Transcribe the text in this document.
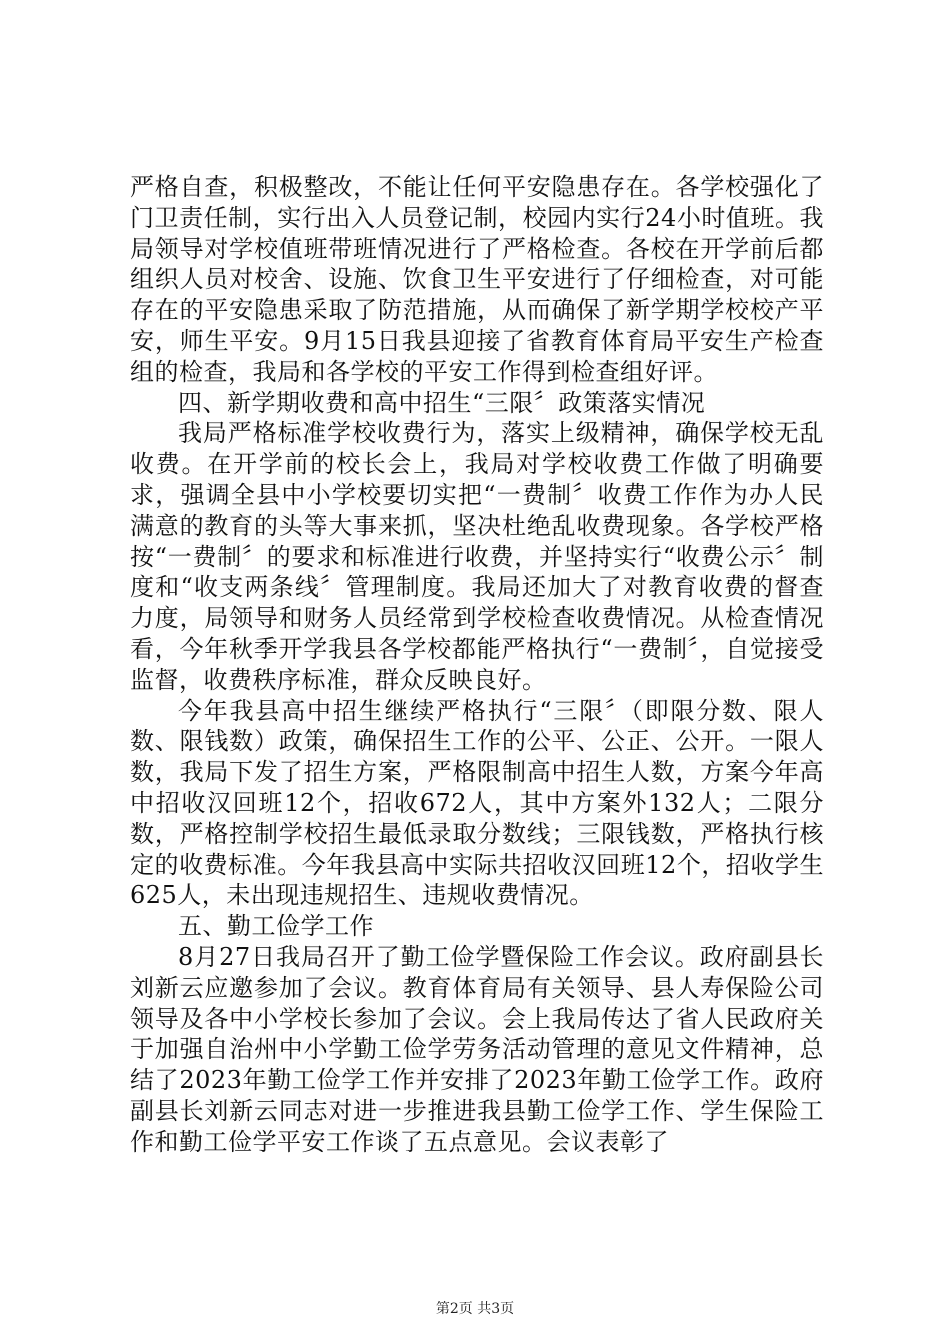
严格自查，积极整改，不能让任何平安隐患存在。各学校强化了门卫责任制，实行出入人员登记制，校园内实行24小时值班。我局领导对学校值班带班情况进行了严格检查。各校在开学前后都组织人员对校舍、设施、饮食卫生平安进行了仔细检查，对可能存在的平安隐患采取了防范措施，从而确保了新学期学校校产平安，师生平安。9月15日我县迎接了省教育体育局平安生产检查组的检查，我局和各学校的平安工作得到检查组好评。

四、新学期收费和高中招生“三限〞政策落实情况

我局严格标准学校收费行为，落实上级精神，确保学校无乱收费。在开学前的校长会上，我局对学校收费工作做了明确要求，强调全县中小学校要切实把“一费制〞收费工作作为办人民满意的教育的头等大事来抓，坚决杜绝乱收费现象。各学校严格按“一费制〞的要求和标准进行收费，并坚持实行“收费公示〞制度和“收支两条线〞管理制度。我局还加大了对教育收费的督查力度，局领导和财务人员经常到学校检查收费情况。从检查情况看，今年秋季开学我县各学校都能严格执行“一费制〞，自觉接受监督，收费秩序标准，群众反映良好。

今年我县高中招生继续严格执行“三限〞（即限分数、限人数、限钱数）政策，确保招生工作的公平、公正、公开。一限人数，我局下发了招生方案，严格限制高中招生人数，方案今年高中招收汉回班12个，招收672人，其中方案外132人；二限分数，严格控制学校招生最低录取分数线；三限钱数，严格执行核定的收费标准。今年我县高中实际共招收汉回班12个，招收学生625人，未出现违规招生、违规收费情况。

五、勤工俭学工作

8月27日我局召开了勤工俭学暨保险工作会议。政府副县长刘新云应邀参加了会议。教育体育局有关领导、县人寿保险公司领导及各中小学校长参加了会议。会上我局传达了省人民政府关于加强自治州中小学勤工俭学劳务活动管理的意见文件精神，总结了2023年勤工俭学工作并安排了2023年勤工俭学工作。政府副县长刘新云同志对进一步推进我县勤工俭学工作、学生保险工作和勤工俭学平安工作谈了五点意见。会议表彰了

第2页 共3页
